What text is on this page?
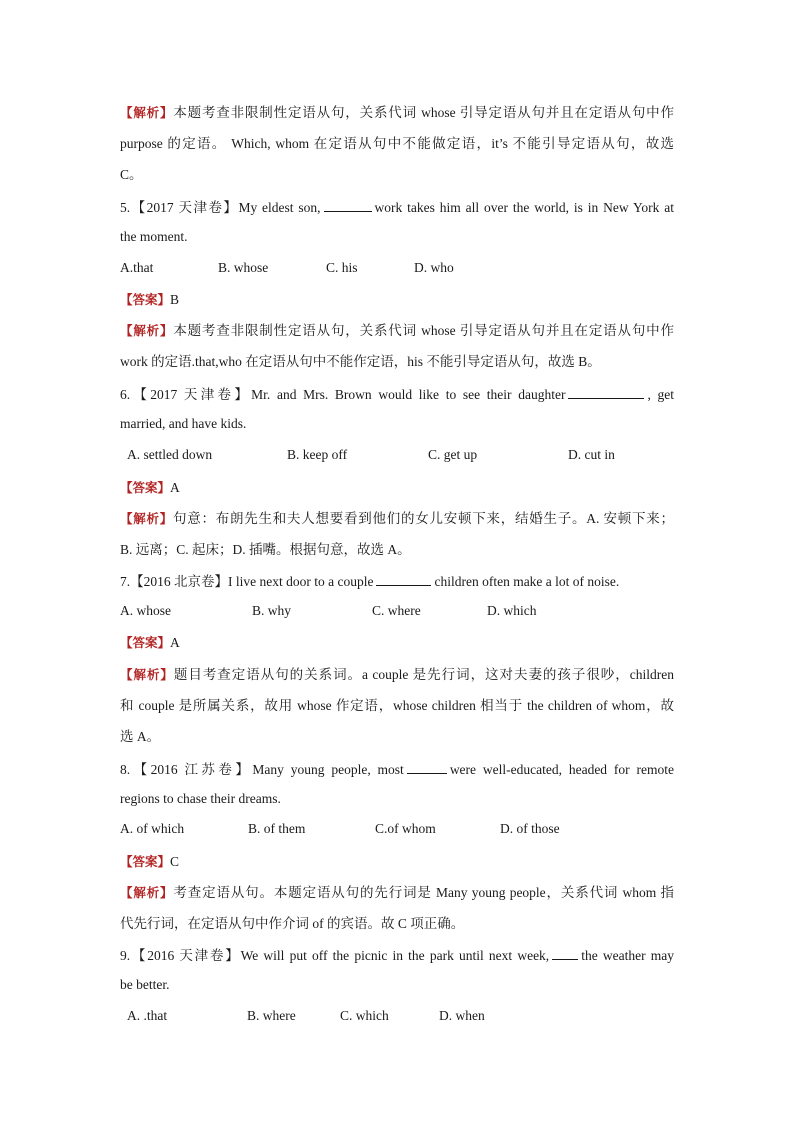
【解析】本题考查非限制性定语从句，关系代词 whose 引导定语从句并且在定语从句中作
purpose 的定语。 Which, whom 在定语从句中不能做定语，it’s 不能引导定语从句，故选
C。
5.【2017 天津卷】My eldest son,	work takes him all over the world, is in New York at
the moment.
A.that	B. whose	C. his	D. who
【答案】B
【解析】本题考查非限制性定语从句，关系代词 whose 引导定语从句并且在定语从句中作
work 的定语.that,who 在定语从句中不能作定语，his 不能引导定语从句，故选 B。
6.【2017 天津卷】Mr. and Mrs. Brown would like to see their daughter	, get
married, and have kids.
A. settled down	B. keep off	C. get up	D. cut in
【答案】A
【解析】句意：布朗先生和夫人想要看到他们的女儿安顿下来，结婚生子。A. 安顿下来；
B. 远离；C. 起床；D. 插嘴。根据句意，故选 A。
7.【2016 北京卷】I live next door to a couple	children often make a lot of noise.
A. whose	B. why	C. where	D. which
【答案】A
【解析】题目考查定语从句的关系词。a couple 是先行词，这对夫妻的孩子很吵，children
和 couple 是所属关系，故用 whose 作定语，whose children 相当于 the children of whom，故
选 A。
8.【2016 江苏卷】Many young people, most	were well-educated, headed for remote
regions to chase their dreams.
A. of which	B. of them	C.of whom	D. of those
【答案】C
【解析】考查定语从句。本题定语从句的先行词是 Many young people，关系代词 whom 指
代先行词，在定语从句中作介词 of 的宾语。故 C 项正确。
9.【2016 天津卷】We will put off the picnic in the park until next week, the weather may
be better.
A. .that	B. where	C. which	D. when
